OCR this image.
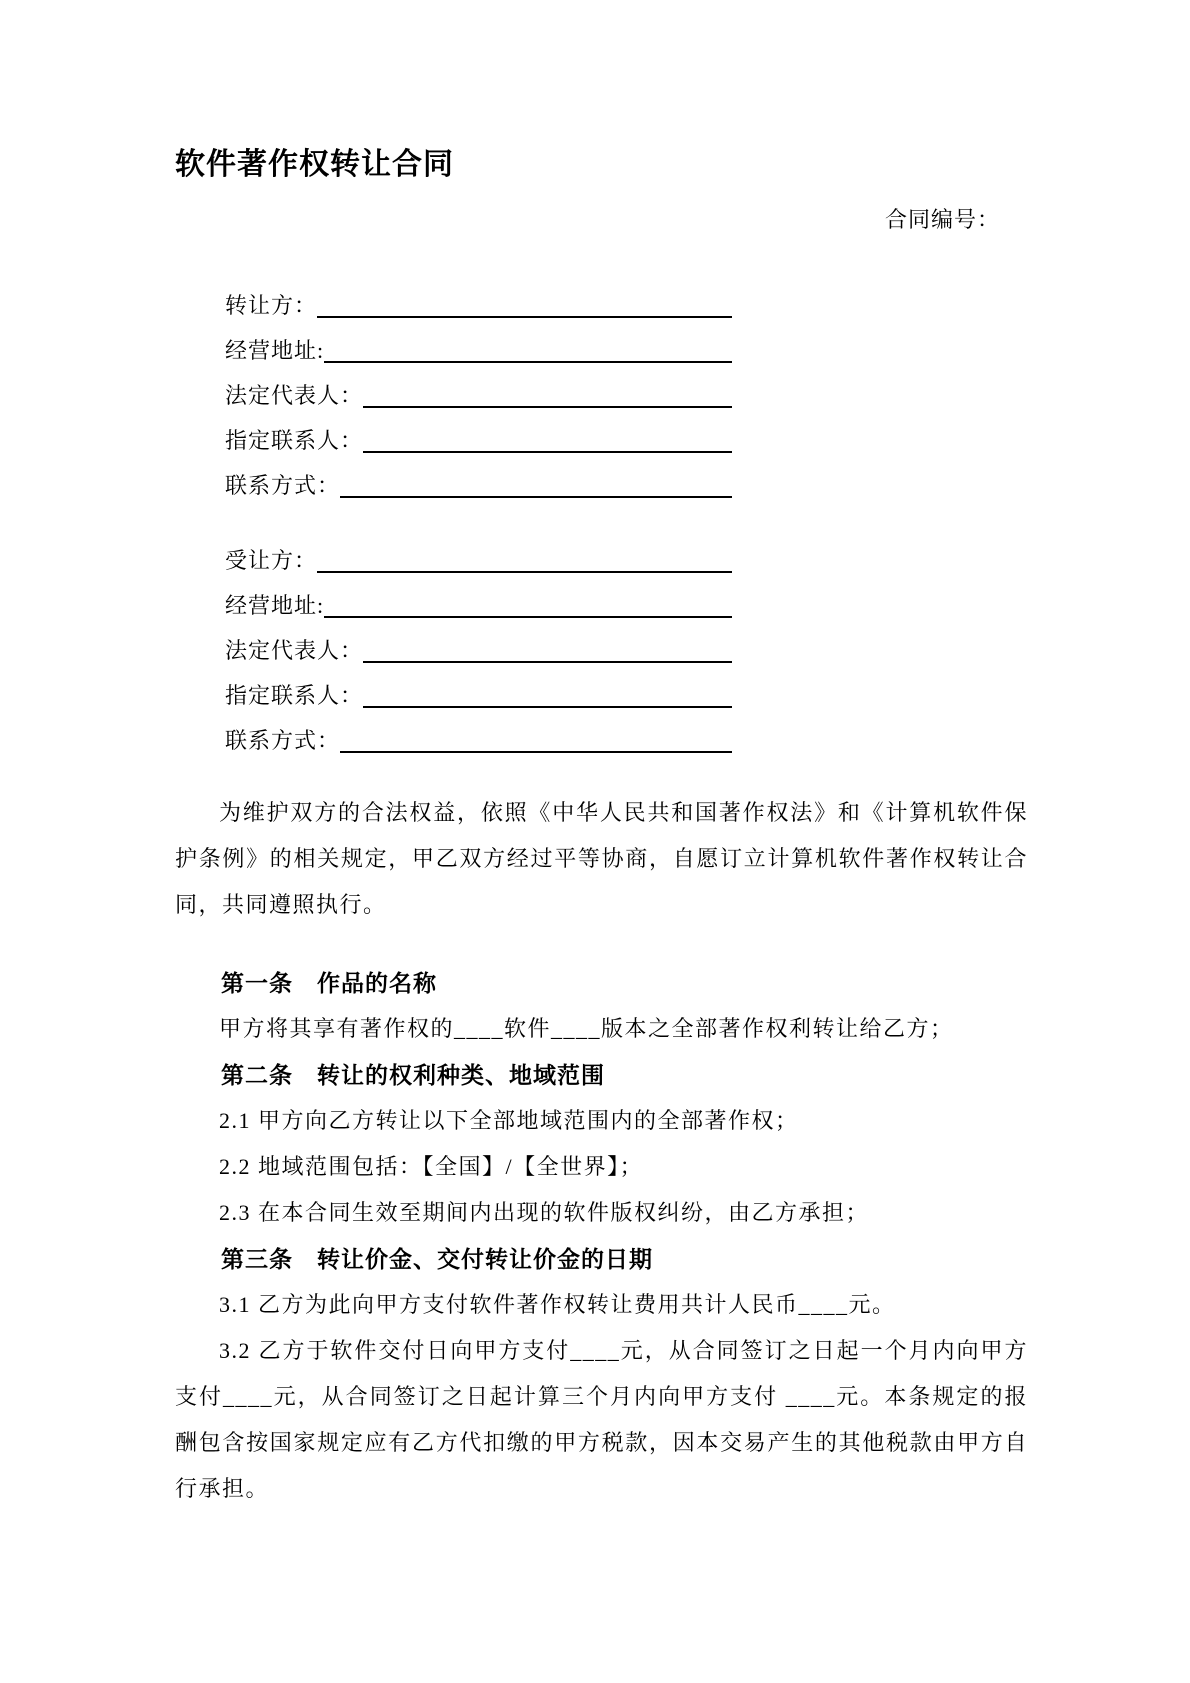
软件著作权转让合同
合同编号：
转让方：
经营地址:
法定代表人：
指定联系人：
联系方式：
受让方：
经营地址:
法定代表人：
指定联系人：
联系方式：

为维护双方的合法权益，依照《中华人民共和国著作权法》和《计算机软件保护条例》的相关规定，甲乙双方经过平等协商，自愿订立计算机软件著作权转让合同，共同遵照执行。

第一条　作品的名称

甲方将其享有著作权的____软件____版本之全部著作权利转让给乙方；

第二条　转让的权利种类、地域范围

2.1 甲方向乙方转让以下全部地域范围内的全部著作权；

2.2 地域范围包括：【全国】/【全世界】；

2.3 在本合同生效至期间内出现的软件版权纠纷，由乙方承担；

第三条　转让价金、交付转让价金的日期

3.1 乙方为此向甲方支付软件著作权转让费用共计人民币____元。

3.2 乙方于软件交付日向甲方支付____元，从合同签订之日起一个月内向甲方支付____元，从合同签订之日起计算三个月内向甲方支付 ____元。本条规定的报酬包含按国家规定应有乙方代扣缴的甲方税款，因本交易产生的其他税款由甲方自行承担。
